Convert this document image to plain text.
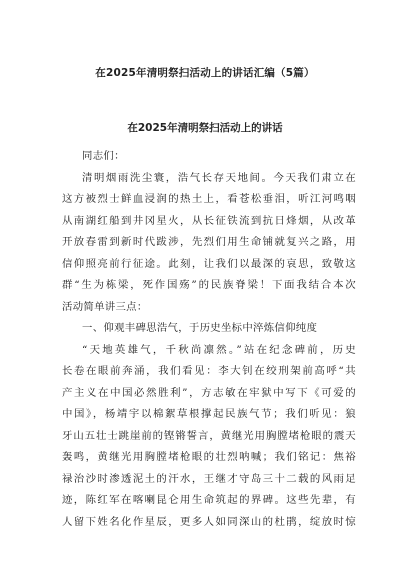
在2025年清明祭扫活动上的讲话汇编（5篇）
在2025年清明祭扫活动上的讲话
同志们：
清明烟雨洗尘寰，浩气长存天地间。今天我们肃立在
这方被烈士鲜血浸润的热土上，看苍松垂泪，听江河鸣咽
从南湖红船到井冈星火，从长征铁流到抗日烽烟，从改革
开放春雷到新时代跋涉，先烈们用生命铺就复兴之路，用
信仰照亮前行征途。此刻，让我们以最深的哀思，致敬这
群“生为栋梁，死作国殇”的民族脊梁！下面我结合本次
活动简单讲三点：
一、仰观丰碑思浩气，于历史坐标中淬炼信仰纯度
“天地英雄气，千秋尚凛然。”站在纪念碑前，历史
长卷在眼前奔涌，我们看见：李大钊在绞刑架前高呼“共
产主义在中国必然胜利”，方志敏在牢狱中写下《可爱的
中国》，杨靖宇以棉絮草根撑起民族气节；我们听见：狼
牙山五壮士跳崖前的铿锵誓言，黄继光用胸膛堵枪眼的震天
轰鸣，黄继光用胸膛堵枪眼的壮烈呐喊；我们铭记：焦裕
禄治沙时渗透泥土的汗水，王继才守岛三十二载的风雨足
迹，陈红军在喀喇昆仑用生命筑起的界碑。这些先辈，有
人留下姓名化作星辰，更多人如同深山的杜鹃，绽放时惊
